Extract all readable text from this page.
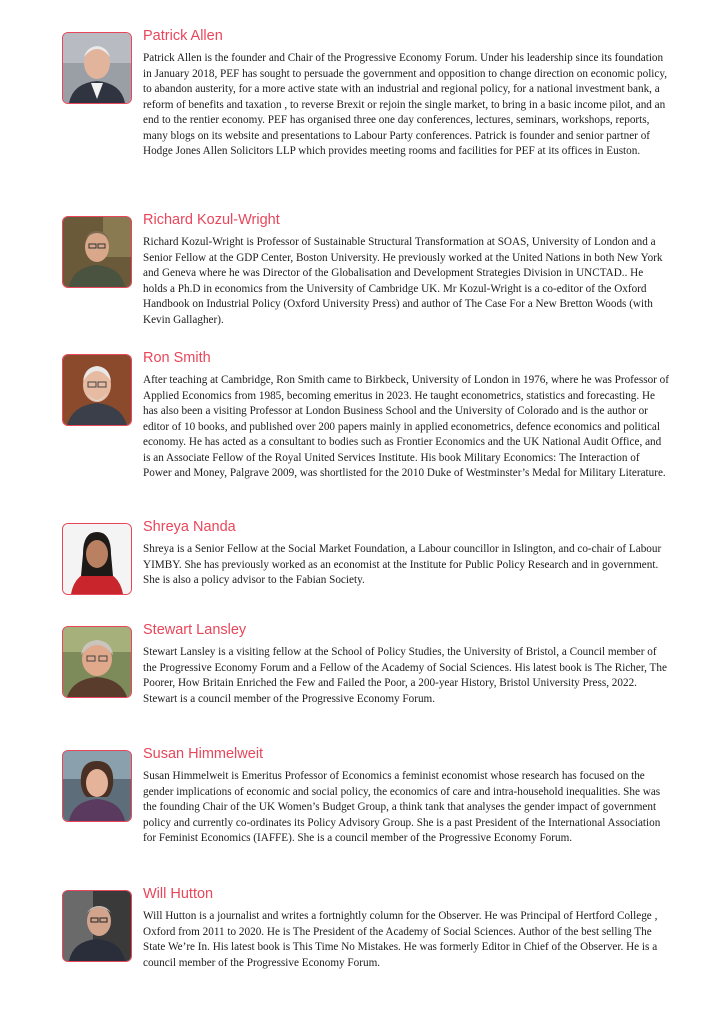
Patrick Allen
Patrick Allen is the founder and Chair of the Progressive Economy Forum. Under his leadership since its foundation in January 2018, PEF has sought to persuade the government and opposition to change direction on economic policy, to abandon austerity, for a more active state with an industrial and regional policy, for a national investment bank, a reform of benefits and taxation , to reverse Brexit or rejoin the single market, to bring in a basic income pilot, and an end to the rentier economy. PEF has organised three one day conferences, lectures, seminars, workshops, reports, many blogs on its website and presentations to Labour Party conferences. Patrick is founder and senior partner of Hodge Jones Allen Solicitors LLP which provides meeting rooms and facilities for PEF at its offices in Euston.
Richard Kozul-Wright
Richard Kozul-Wright is Professor of Sustainable Structural Transformation at SOAS, University of London and a Senior Fellow at the GDP Center, Boston University. He previously worked at the United Nations in both New York and Geneva where he was Director of the Globalisation and Development Strategies Division in UNCTAD.. He holds a Ph.D in economics from the University of Cambridge UK. Mr Kozul-Wright is a co-editor of the Oxford Handbook on Industrial Policy (Oxford University Press) and author of The Case For a New Bretton Woods (with Kevin Gallagher).
Ron Smith
After teaching at Cambridge, Ron Smith came to Birkbeck, University of London in 1976, where he was Professor of Applied Economics from 1985, becoming emeritus in 2023. He taught econometrics, statistics and forecasting. He has also been a visiting Professor at London Business School and the University of Colorado and is the author or editor of 10 books, and published over 200 papers mainly in applied econometrics, defence economics and political economy. He has acted as a consultant to bodies such as Frontier Economics and the UK National Audit Office, and is an Associate Fellow of the Royal United Services Institute. His book Military Economics: The Interaction of Power and Money, Palgrave 2009, was shortlisted for the 2010 Duke of Westminster’s Medal for Military Literature.
Shreya Nanda
Shreya is a Senior Fellow at the Social Market Foundation, a Labour councillor in Islington, and co-chair of Labour YIMBY. She has previously worked as an economist at the Institute for Public Policy Research and in government. She is also a policy advisor to the Fabian Society.
Stewart Lansley
Stewart Lansley is a visiting fellow at the School of Policy Studies, the University of Bristol, a Council member of the Progressive Economy Forum and a Fellow of the Academy of Social Sciences. His latest book is The Richer, The Poorer, How Britain Enriched the Few and Failed the Poor, a 200-year History, Bristol University Press, 2022. Stewart is a council member of the Progressive Economy Forum.
Susan Himmelweit
Susan Himmelweit is Emeritus Professor of Economics a feminist economist whose research has focused on the gender implications of economic and social policy, the economics of care and intra-household inequalities. She was the founding Chair of the UK Women’s Budget Group, a think tank that analyses the gender impact of government policy and currently co-ordinates its Policy Advisory Group. She is a past President of the International Association for Feminist Economics (IAFFE). She is a council member of the Progressive Economy Forum.
Will Hutton
Will Hutton is a journalist and writes a fortnightly column for the Observer. He was Principal of Hertford College , Oxford from 2011 to 2020. He is The President of the Academy of Social Sciences. Author of the best selling The State We’re In. His latest book is This Time No Mistakes. He was formerly Editor in Chief of the Observer. He is a council member of the Progressive Economy Forum.
